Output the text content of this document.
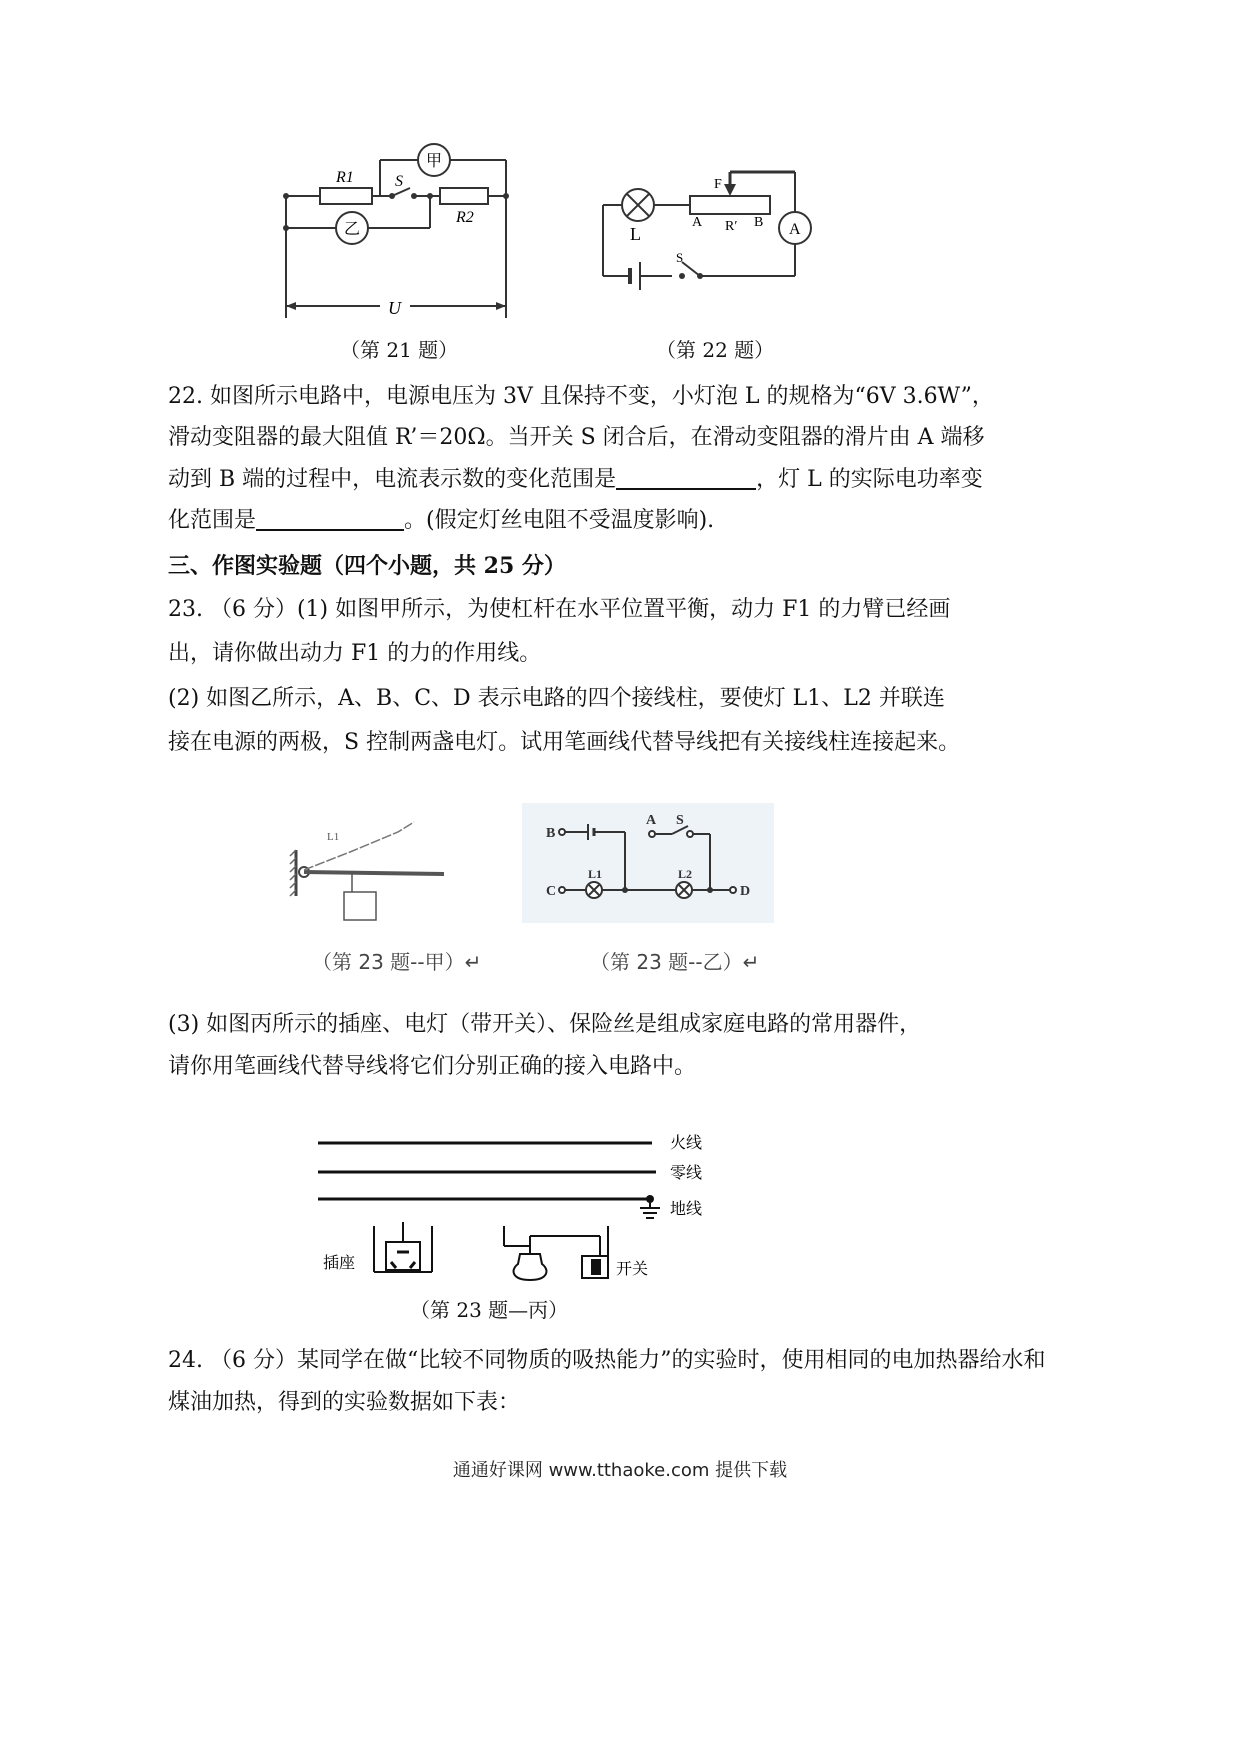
R1
R2
S
甲
乙
U
（第 21 题）
F
A R′ B
L	A
S
（第 22 题）
22. 如图所示电路中，电源电压为 3V 且保持不变，小灯泡 L 的规格为“6V 3.6W”，
滑动变阻器的最大阻值 R’＝20Ω。当开关 S 闭合后，在滑动变阻器的滑片由 A 端移
动到 B 端的过程中，电流表示数的变化范围是	，灯 L 的实际电功率变
化范围是	。(假定灯丝电阻不受温度影响).
三、作图实验题（四个小题，共 25 分）
23. （6 分）(1) 如图甲所示，为使杠杆在水平位置平衡，动力 F1 的力臂已经画
出，请你做出动力 F1 的力的作用线。
(2) 如图乙所示，A、B、C、D 表示电路的四个接线柱，要使灯 L1、L2 并联连
接在电源的两极，S 控制两盏电灯。试用笔画线代替导线把有关接线柱连接起来。
L1
（第 23 题--甲）↵
B
C	D
A S
L1	L2
（第 23 题--乙）↵
(3) 如图丙所示的插座、电灯（带开关）、保险丝是组成家庭电路的常用器件，
请你用笔画线代替导线将它们分别正确的接入电路中。
火线
零线
地线
插座	开关
（第 23 题—丙）
24. （6 分）某同学在做“比较不同物质的吸热能力”的实验时，使用相同的电加热器给水和
煤油加热，得到的实验数据如下表：
通通好课网 www.tthaoke.com 提供下载
